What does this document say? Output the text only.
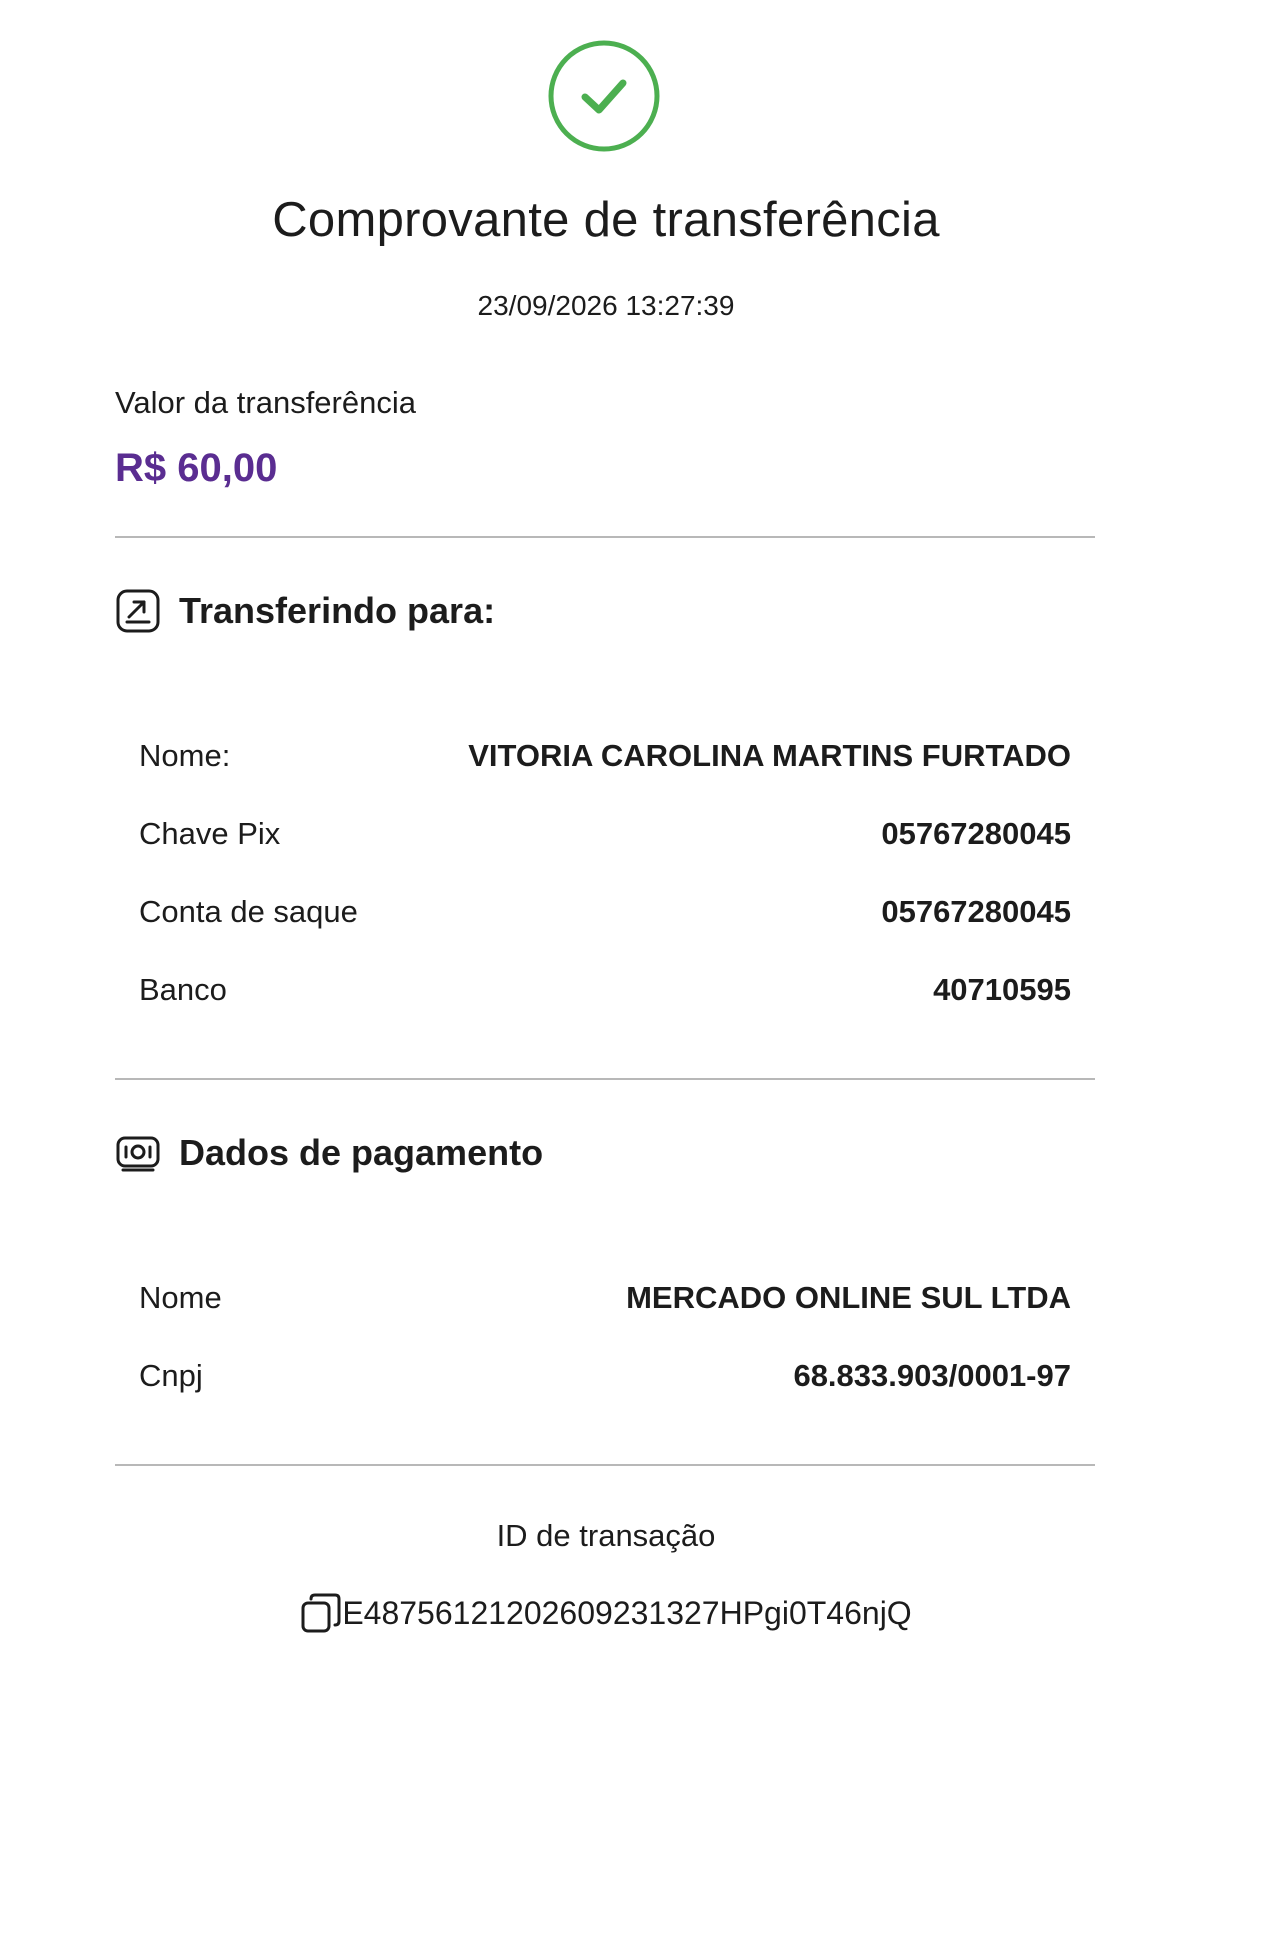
Comprovante de transferência
23/09/2026 13:27:39
Valor da transferência
R$ 60,00
Transferindo para:
Nome:	VITORIA CAROLINA MARTINS FURTADO
Chave Pix	05767280045
Conta de saque	05767280045
Banco	40710595
Dados de pagamento
Nome	MERCADO ONLINE SUL LTDA
Cnpj	68.833.903/0001-97
ID de transação
E48756121202609231327HPgi0T46njQ
